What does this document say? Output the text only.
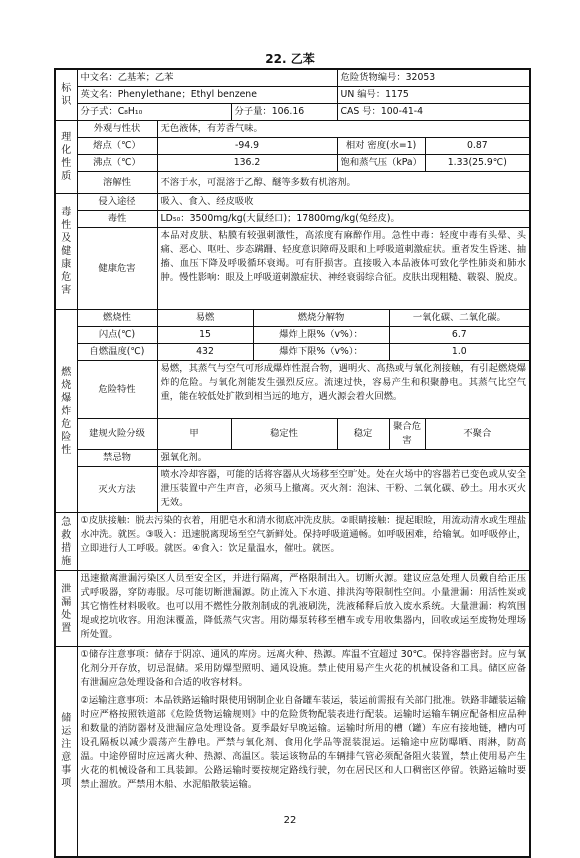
22. 乙苯
标 识	中文名：乙基苯；乙苯				危险货物编号：32053		
	英文名：Phenylethane；Ethyl benzene				UN 编号：1175		
	分子式：C₈H₁₀		分子量：106.16		CAS 号：100-41-4		
理 化 性 质	外观与性状	无色液体，有芳香气味。					
	熔点（℃）	-94.9			相对 密度(水=1)		0.87
	沸点（℃）	136.2			饱和蒸气压（kPa）		1.33(25.9℃)
	溶解性	不溶于水，可混溶于乙醇、醚等多数有机溶剂。					
毒 性 及 健 康 危 害	侵入途径	吸入、食入、经皮吸收					
	毒性	LD₅₀：3500mg/kg(大鼠经口)；17800mg/kg(兔经皮)。					
	健康危害	本品对皮肤、粘膜有较强刺激性，高浓度有麻醉作用。急性中毒：轻度中毒有头晕、头痛、恶心、呕吐、步态蹒跚、轻度意识障碍及眼和上呼吸道刺激症状。重者发生昏迷、抽搐、血压下降及呼吸循环衰竭。可有肝损害。直接吸入本品液体可致化学性肺炎和肺水肿。慢性影响：眼及上呼吸道刺激症状、神经衰弱综合征。皮肤出现粗糙、皲裂、脱皮。					
燃 烧 爆 炸 危 险 性	燃烧性	易燃		燃烧分解物		一氧化碳、二氧化碳。	
	闪点(℃)	15		爆炸上限%（v%）：		6.7	
	自燃温度(℃)	432		爆炸下限%（v%）：		1.0	
	危险特性	易燃，其蒸气与空气可形成爆炸性混合物，遇明火、高热或与氧化剂接触，有引起燃烧爆炸的危险。与氧化剂能发生强烈反应。流速过快，容易产生和积聚静电。其蒸气比空气重，能在较低处扩散到相当远的地方，遇火源会着火回燃。					
	建规火险分级	甲	稳定性		稳定	聚合危害	不聚合
	禁忌物	强氧化剂。					
	灭火方法	喷水冷却容器，可能的话将容器从火场移至空旷处。处在火场中的容器若已变色或从安全泄压装置中产生声音，必须马上撤离。灭火剂：泡沫、干粉、二氧化碳、砂土。用水灭火无效。					
急 救 措 施	①皮肤接触：脱去污染的衣着，用肥皂水和清水彻底冲洗皮肤。②眼睛接触：提起眼睑，用流动清水或生理盐水冲洗。就医。③吸入：迅速脱离现场至空气新鲜处。保持呼吸道通畅。如呼吸困难，给输氧。如呼吸停止，立即进行人工呼吸。就医。④食入：饮足量温水，催吐。就医。						
泄 漏 处 置	迅速撤离泄漏污染区人员至安全区，并进行隔离，严格限制出入。切断火源。建议应急处理人员戴自给正压式呼吸器，穿防毒服。尽可能切断泄漏源。防止流入下水道、排洪沟等限制性空间。小量泄漏：用活性炭或其它惰性材料吸收。也可以用不燃性分散剂制成的乳液刷洗，洗液稀释后放入废水系统。大量泄漏：构筑围堤或挖坑收容。用泡沫覆盖，降低蒸气灾害。用防爆泵转移至槽车或专用收集器内，回收或运至废物处理场所处置。						
储 运 注 意 事 项	①储存注意事项：储存于阴凉、通风的库房。远离火种、热源。库温不宜超过 30℃。保持容器密封。应与氧化剂分开存放，切忌混储。采用防爆型照明、通风设施。禁止使用易产生火花的机械设备和工具。储区应备有泄漏应急处理设备和合适的收容材料。
②运输注意事项：本品铁路运输时限使用钢制企业自备罐车装运，装运前需报有关部门批准。铁路非罐装运输时应严格按照铁道部《危险货物运输规则》中的危险货物配装表进行配装。运输时运输车辆应配备相应品种和数量的消防器材及泄漏应急处理设备。夏季最好早晚运输。运输时所用的槽（罐）车应有接地链，槽内可设孔隔板以减少震荡产生静电。严禁与氧化剂、食用化学品等混装混运。运输途中应防曝晒、雨淋，防高温。中途停留时应远离火种、热源、高温区。装运该物品的车辆排气管必须配备阻火装置，禁止使用易产生火花的机械设备和工具装卸。公路运输时要按规定路线行驶，勿在居民区和人口稠密区停留。铁路运输时要禁止溜放。严禁用木船、水泥船散装运输。						
22
